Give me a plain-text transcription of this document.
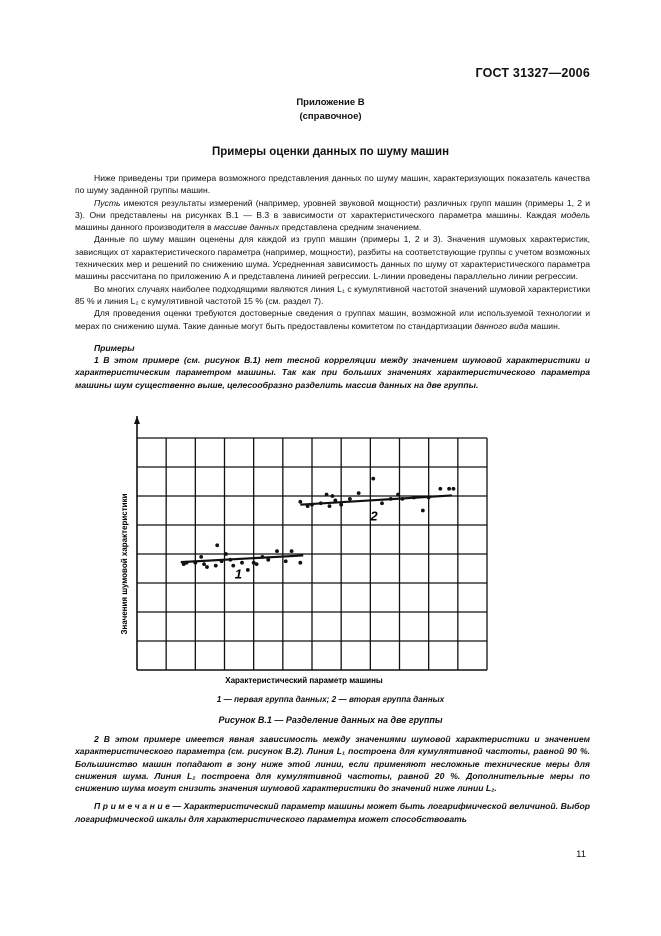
ГОСТ 31327—2006
Приложение В
(справочное)
Примеры оценки данных по шуму машин

Ниже приведены три примера возможного представления данных по шуму машин, характеризующих показатель качества по шуму заданной группы машин.

Пусть имеются результаты измерений (например, уровней звуковой мощности) различных групп машин (примеры 1, 2 и 3). Они представлены на рисунках В.1 — В.3 в зависимости от характеристического параметра машины. Каждая модель машины данного производителя в массиве данных представлена средним значением.

Данные по шуму машин оценены для каждой из групп машин (примеры 1, 2 и 3). Значения шумовых характеристик, зависящих от характеристического параметра (например, мощности), разбиты на соответствующие группы с учетом возможных технических мер и решений по снижению шума. Усредненная зависимость данных по шуму от характеристического параметра машины рассчитана по приложению А и представлена линией регрессии. L-линии проведены параллельно линии регрессии.

Во многих случаях наиболее подходящими являются линия L₁ с кумулятивной частотой значений шумовой характеристики 85 % и линия L₂ с кумулятивной частотой 15 % (см. раздел 7).

Для проведения оценки требуются достоверные сведения о группах машин, возможной или используемой технологии и мерах по снижению шума. Такие данные могут быть предоставлены комитетом по стандартизации данного вида машин.

Примеры

1 В этом примере (см. рисунок В.1) нет тесной корреляции между значением шумовой характеристики и характеристическим параметром машины. Так как при больших значениях характеристического параметра машины шум существенно выше, целесообразно разделить массив данных на две группы.

1
2
Характеристический параметр машины
Значения шумовой характеристики
1 — первая группа данных; 2 — вторая группа данных
Рисунок В.1 — Разделение данных на две группы

2 В этом примере имеется явная зависимость между значениями шумовой характеристики и значением характеристического параметра (см. рисунок В.2). Линия L₁ построена для кумулятивной частоты, равной 90 %. Большинство машин попадают в зону ниже этой линии, если применяют несложные технические меры для снижения шума. Линия L₂ построена для кумулятивной частоты, равной 20 %. Дополнительные меры по снижению шума могут снизить значения шумовой характеристики до значений ниже линии L₂.

П р и м е ч а н и е — Характеристический параметр машины может быть логарифмической величиной. Выбор логарифмической шкалы для характеристического параметра может способствовать

11
